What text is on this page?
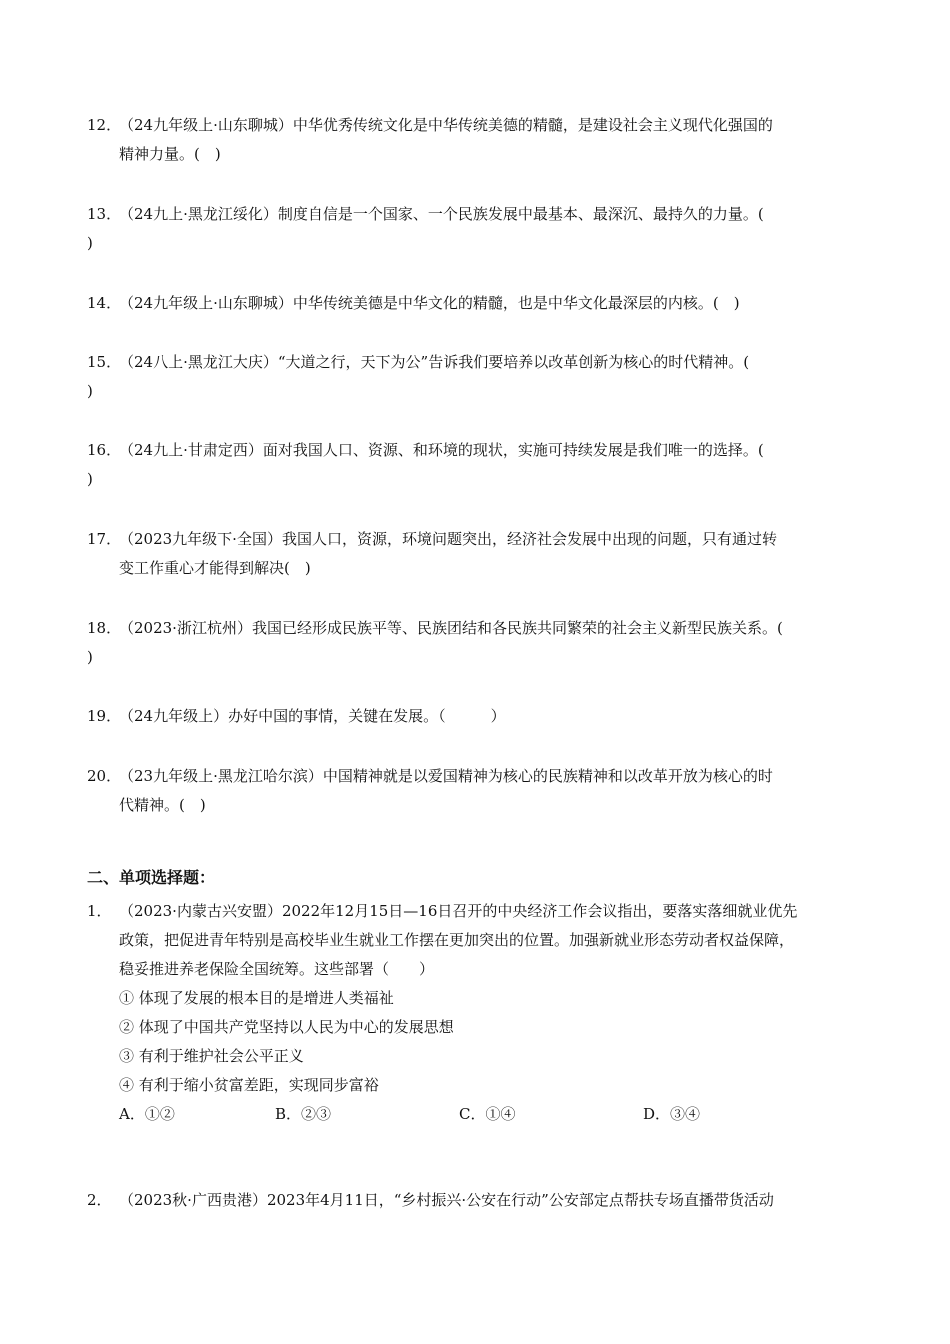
12．
（24九年级上·山东聊城）中华优秀传统文化是中华传统美德的精髓，是建设社会主义现代化强国的
精神力量。(　)
13．
（24九上·黑龙江绥化）制度自信是一个国家、一个民族发展中最基本、最深沉、最持久的力量。(
)
14．
（24九年级上·山东聊城）中华传统美德是中华文化的精髓，也是中华文化最深层的内核。(　)
15．
（24八上·黑龙江大庆）“大道之行，天下为公”告诉我们要培养以改革创新为核心的时代精神。(
)
16．
（24九上·甘肃定西）面对我国人口、资源、和环境的现状，实施可持续发展是我们唯一的选择。(
)
17．
（2023九年级下·全国）我国人口，资源，环境问题突出，经济社会发展中出现的问题，只有通过转
变工作重心才能得到解决(　)
18．
（2023·浙江杭州）我国已经形成民族平等、民族团结和各民族共同繁荣的社会主义新型民族关系。(
)
19．
（24九年级上）办好中国的事情，关键在发展。（　　　）
20．
（23九年级上·黑龙江哈尔滨）中国精神就是以爱国精神为核心的民族精神和以改革开放为核心的时
代精神。(　)
二、单项选择题：
1． （2023·内蒙古兴安盟）2022年12月15日—16日召开的中央经济工作会议指出，要落实落细就业优先
政策，把促进青年特别是高校毕业生就业工作摆在更加突出的位置。加强新就业形态劳动者权益保障，
稳妥推进养老保险全国统筹。这些部署（　　）
① 体现了发展的根本目的是增进人类福祉
② 体现了中国共产党坚持以人民为中心的发展思想
③ 有利于维护社会公平正义
④ 有利于缩小贫富差距，实现同步富裕
A．①②	B．②③	C．①④	D．③④
2． （2023秋·广西贵港）2023年4月11日，“乡村振兴·公安在行动”公安部定点帮扶专场直播带货活动
